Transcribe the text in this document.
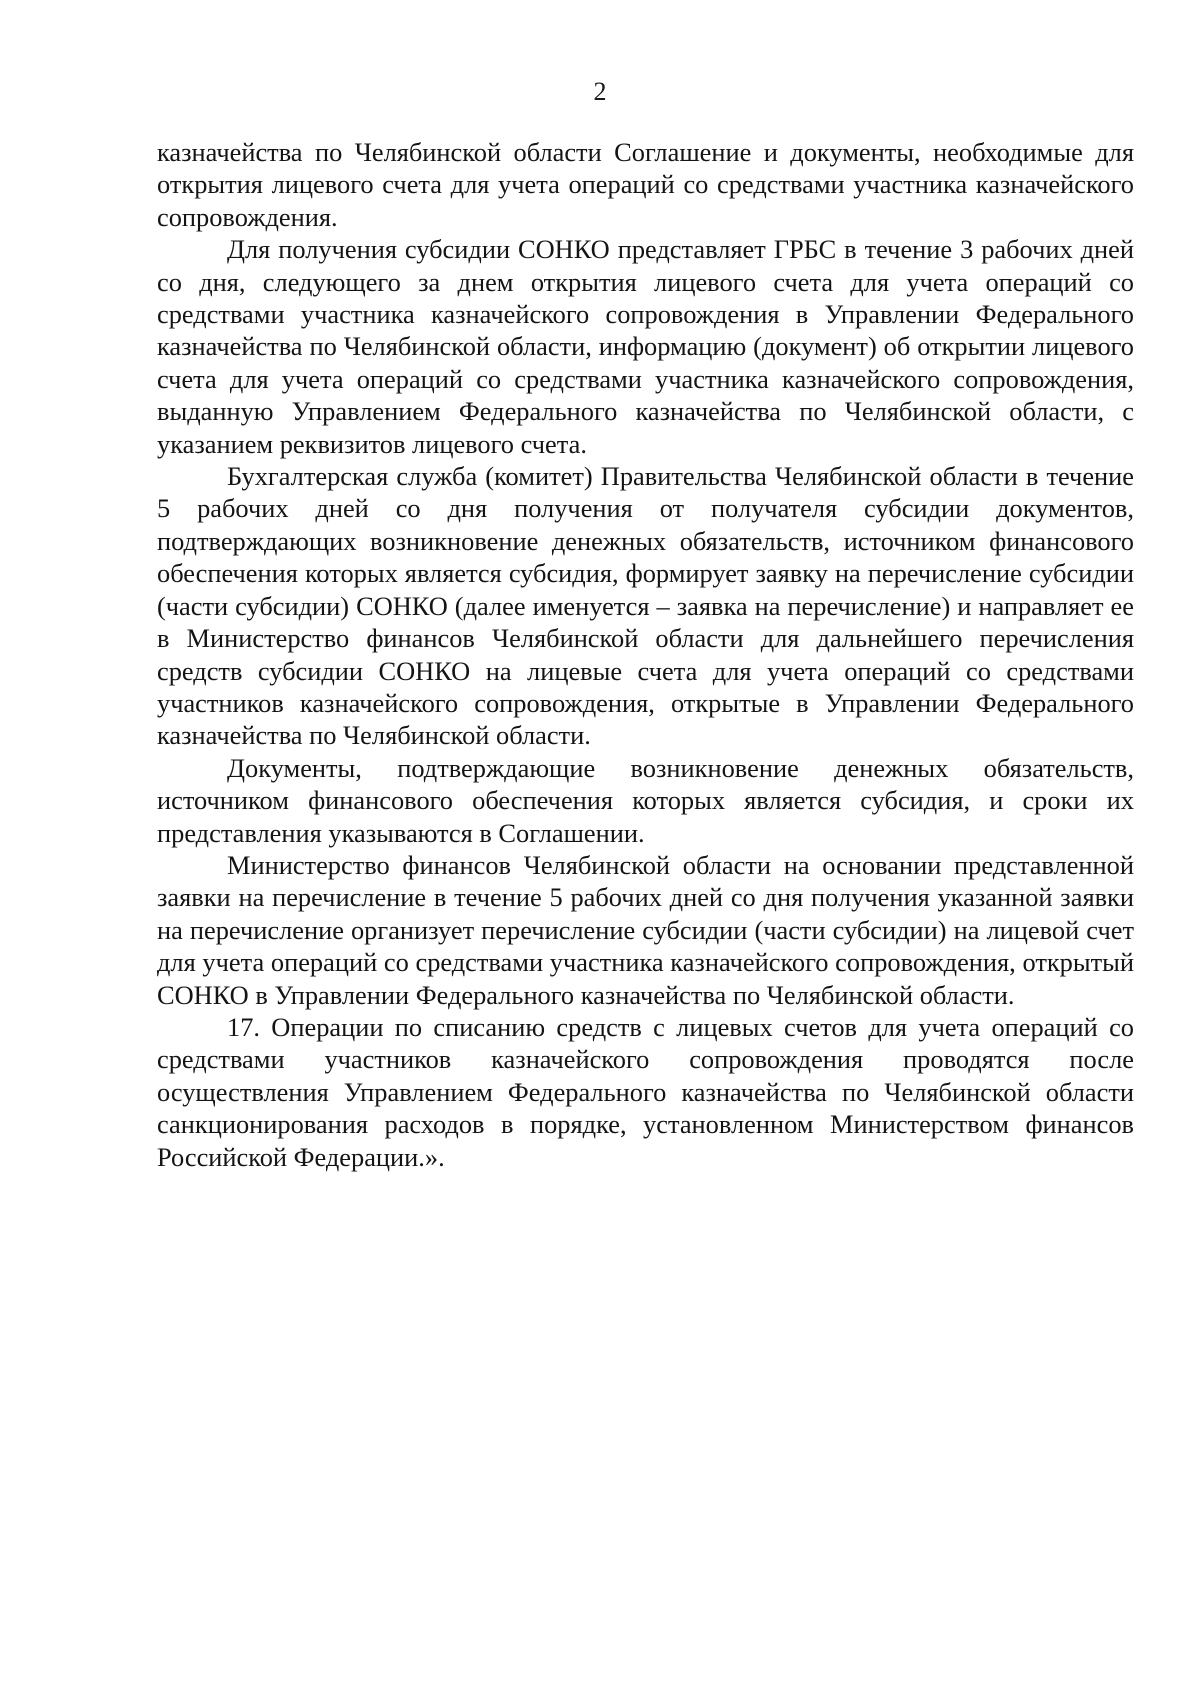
2

казначейства по Челябинской области Соглашение и документы, необходимые для открытия лицевого счета для учета операций со средствами участника казначейского сопровождения.

Для получения субсидии СОНКО представляет ГРБС в течение 3 рабочих дней со дня, следующего за днем открытия лицевого счета для учета операций со средствами участника казначейского сопровождения в Управлении Федерального казначейства по Челябинской области, информацию (документ) об открытии лицевого счета для учета операций со средствами участника казначейского сопровождения, выданную Управлением Федерального казначейства по Челябинской области, с указанием реквизитов лицевого счета.

Бухгалтерская служба (комитет) Правительства Челябинской области в течение 5 рабочих дней со дня получения от получателя субсидии документов, подтверждающих возникновение денежных обязательств, источником финансового обеспечения которых является субсидия, формирует заявку на перечисление субсидии (части субсидии) СОНКО (далее именуется – заявка на перечисление) и направляет ее в Министерство финансов Челябинской области для дальнейшего перечисления средств субсидии СОНКО на лицевые счета для учета операций со средствами участников казначейского сопровождения, открытые в Управлении Федерального казначейства по Челябинской области.

Документы, подтверждающие возникновение денежных обязательств, источником финансового обеспечения которых является субсидия, и сроки их представления указываются в Соглашении.

Министерство финансов Челябинской области на основании представленной заявки на перечисление в течение 5 рабочих дней со дня получения указанной заявки на перечисление организует перечисление субсидии (части субсидии) на лицевой счет для учета операций со средствами участника казначейского сопровождения, открытый СОНКО в Управлении Федерального казначейства по Челябинской области.

17. Операции по списанию средств с лицевых счетов для учета операций со средствами участников казначейского сопровождения проводятся после осуществления Управлением Федерального казначейства по Челябинской области санкционирования расходов в порядке, установленном Министерством финансов Российской Федерации.».
